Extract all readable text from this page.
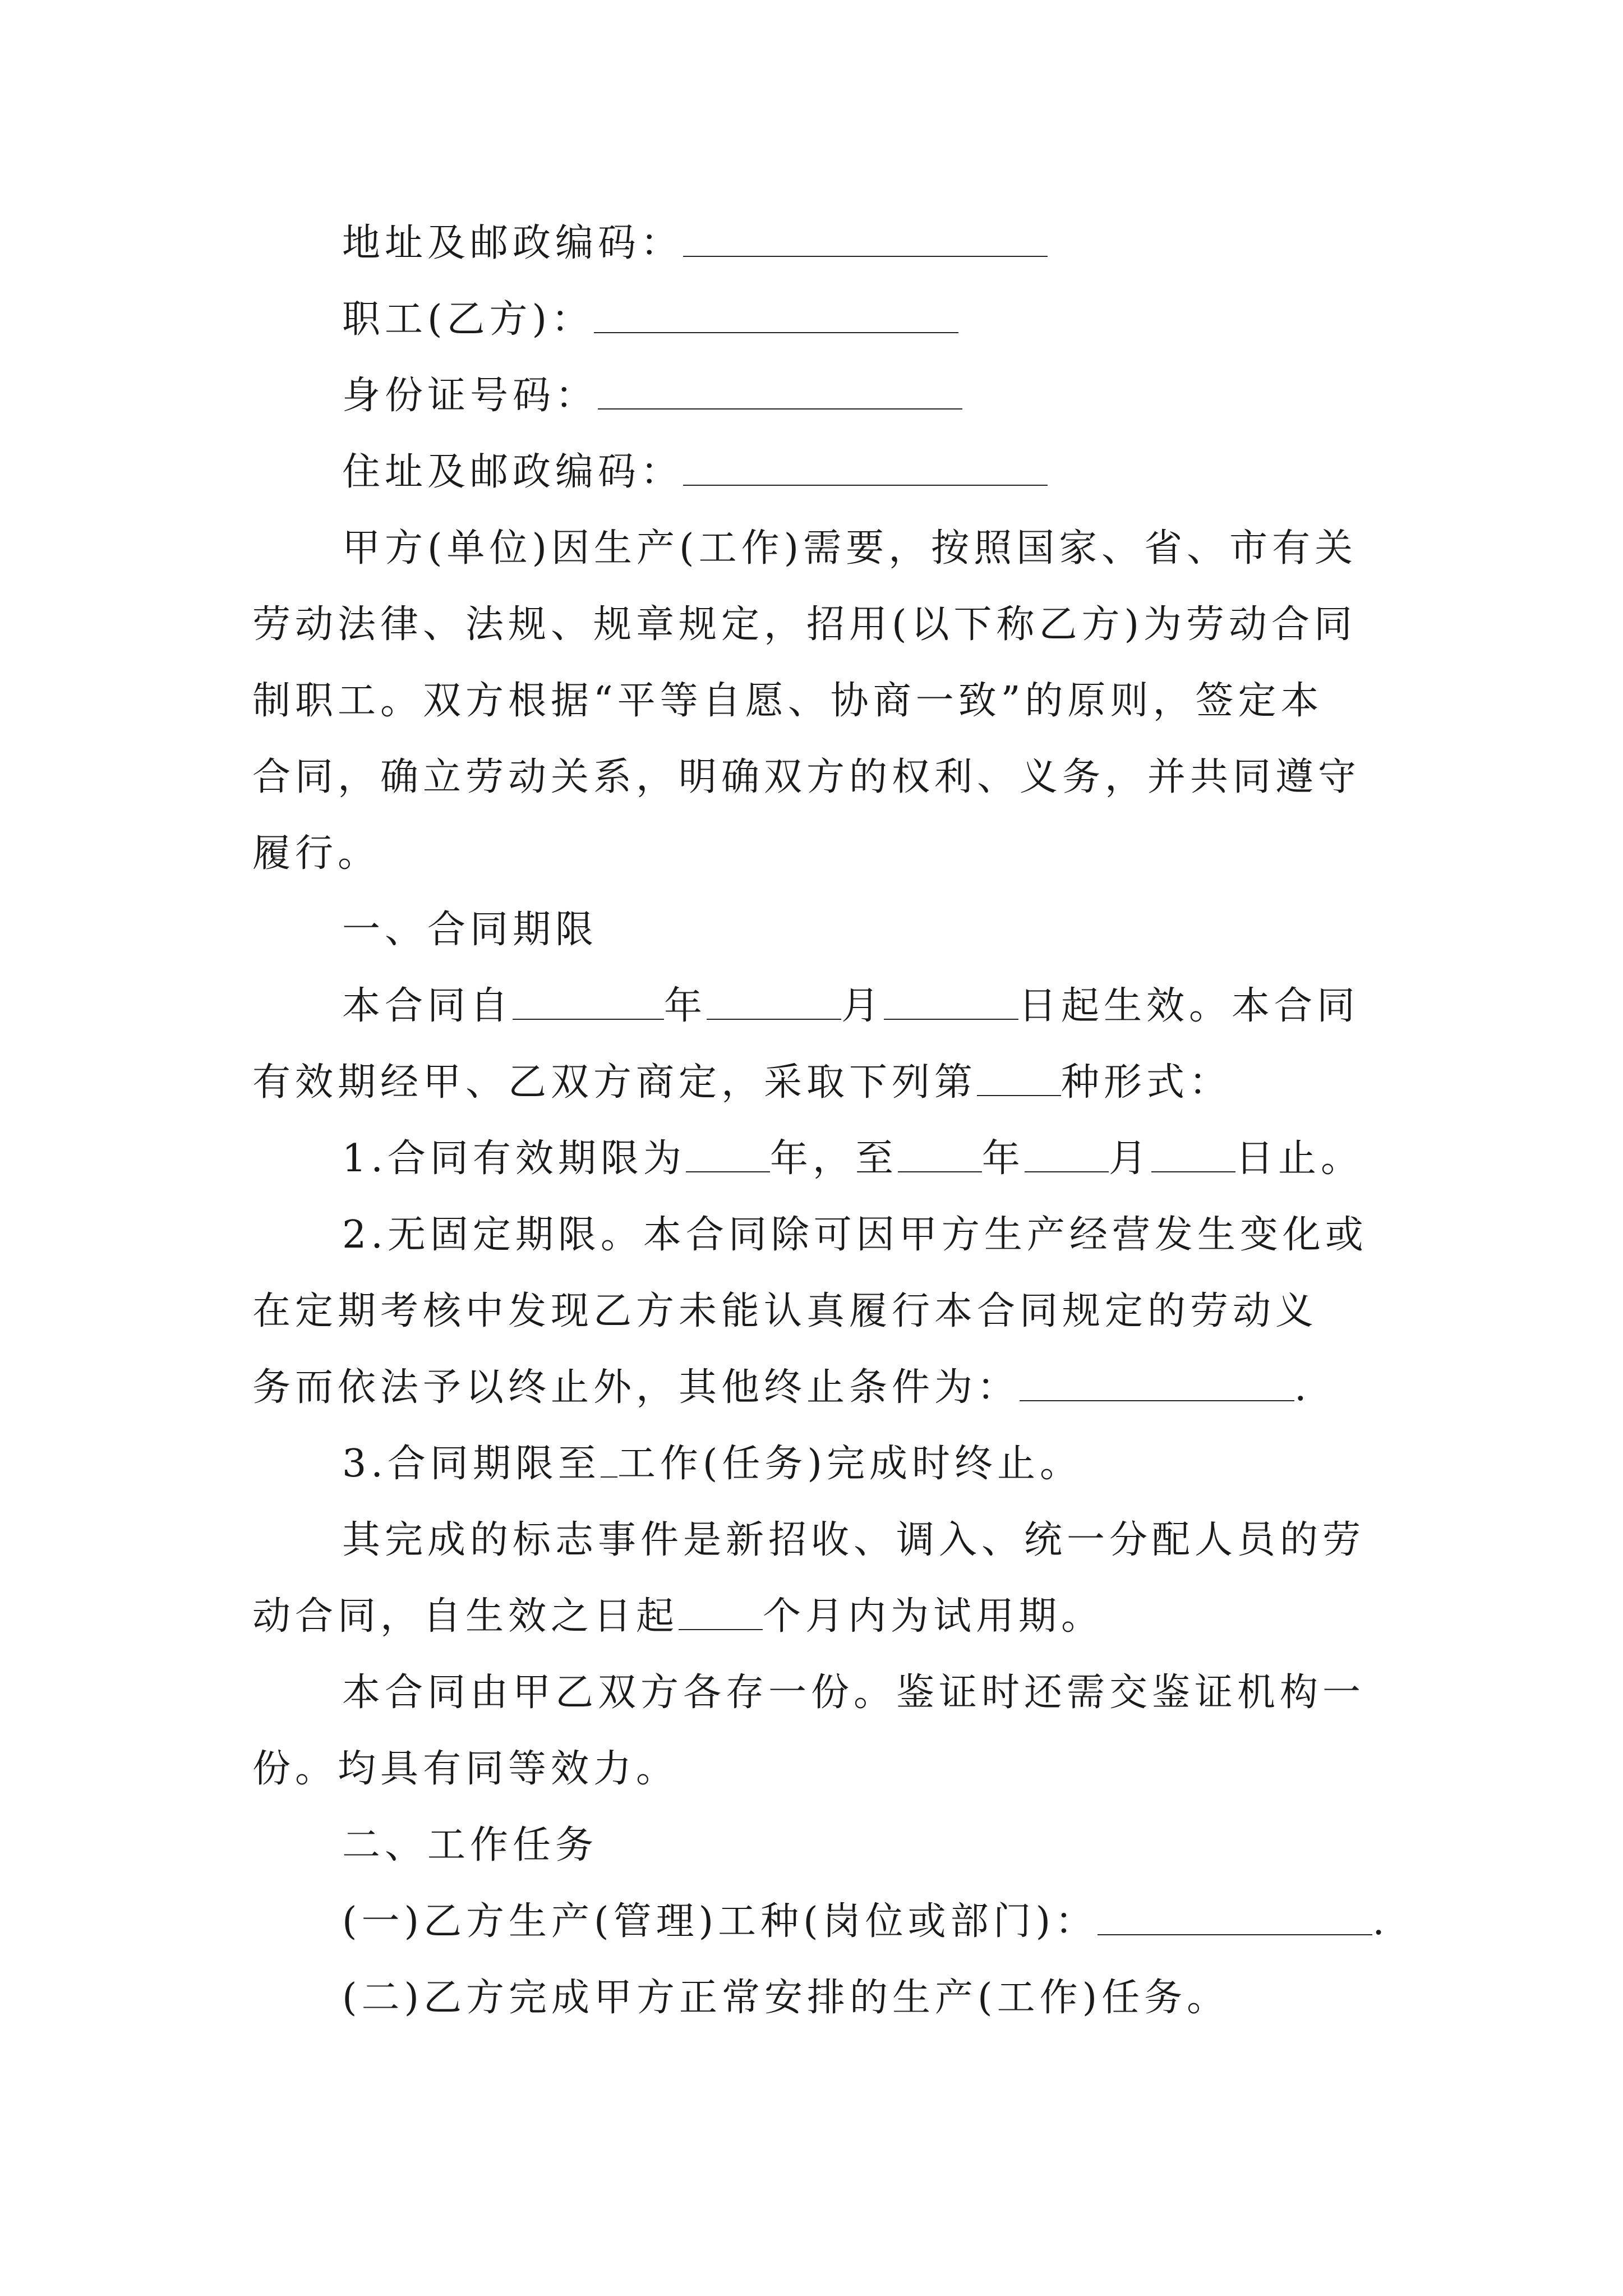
地址及邮政编码：
职工(乙方)：
身份证号码：
住址及邮政编码：
甲方(单位)因生产(工作)需要，按照国家、省、市有关
劳动法律、法规、规章规定，招用(以下称乙方)为劳动合同
制职工。双方根据“平等自愿、协商一致”的原则，签定本
合同，确立劳动关系，明确双方的权利、义务，并共同遵守
履行。
一、合同期限
本合同自	年	月	日起生效。本合同
有效期经甲、乙双方商定，采取下列第 种形式：
1.合同有效期限为 年，至 年 月 日止。
2.无固定期限。本合同除可因甲方生产经营发生变化或
在定期考核中发现乙方未能认真履行本合同规定的劳动义
务而依法予以终止外，其他终止条件为：	.
3.合同期限至 工作(任务)完成时终止。
其完成的标志事件是新招收、调入、统一分配人员的劳
动合同，自生效之日起 个月内为试用期。
本合同由甲乙双方各存一份。鉴证时还需交鉴证机构一
份。均具有同等效力。
二、工作任务
(一)乙方生产(管理)工种(岗位或部门)：	.
(二)乙方完成甲方正常安排的生产(工作)任务。
